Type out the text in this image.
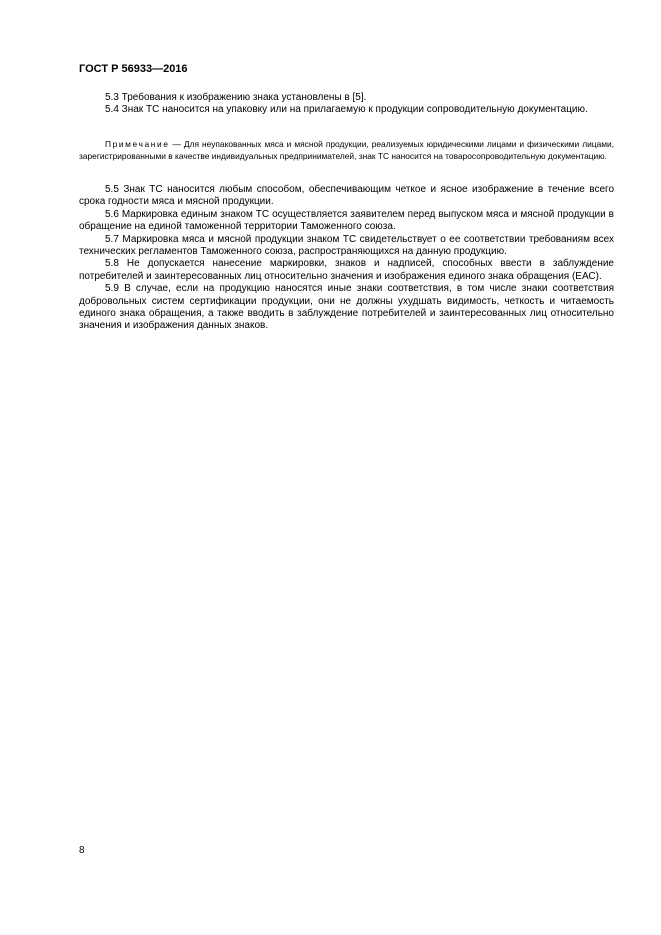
ГОСТ Р 56933—2016

5.3 Требования к изображению знака установлены в [5].

5.4 Знак ТС наносится на упаковку или на прилагаемую к продукции сопроводительную документацию.

Примечание — Для неупакованных мяса и мясной продукции, реализуемых юридическими лицами и физическими лицами, зарегистрированными в качестве индивидуальных предпринимателей, знак ТС наносится на товаросопроводительную документацию.

5.5 Знак ТС наносится любым способом, обеспечивающим четкое и ясное изображение в течение всего срока годности мяса и мясной продукции.

5.6 Маркировка единым знаком ТС осуществляется заявителем перед выпуском мяса и мясной продукции в обращение на единой таможенной территории Таможенного союза.

5.7 Маркировка мяса и мясной продукции знаком ТС свидетельствует о ее соответствии требованиям всех технических регламентов Таможенного союза, распространяющихся на данную продукцию.

5.8 Не допускается нанесение маркировки, знаков и надписей, способных ввести в заблуждение потребителей и заинтересованных лиц относительно значения и изображения единого знака обращения (ЕАС).

5.9 В случае, если на продукцию наносятся иные знаки соответствия, в том числе знаки соответствия добровольных систем сертификации продукции, они не должны ухудшать видимость, четкость и читаемость единого знака обращения, а также вводить в заблуждение потребителей и заинтересованных лиц относительно значения и изображения данных знаков.

8
